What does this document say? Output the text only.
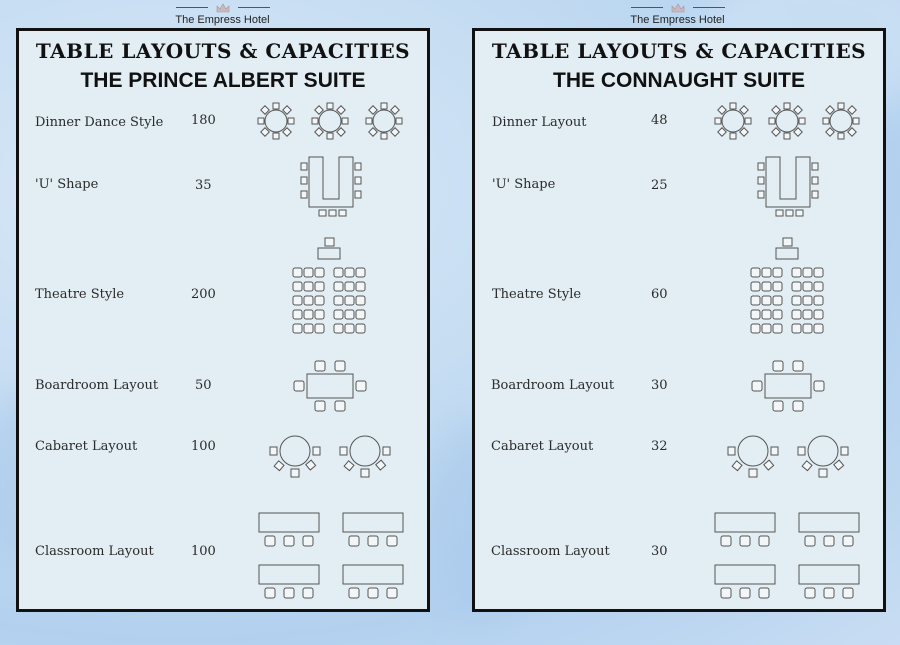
The Empress Hotel
TABLE LAYOUTS & CAPACITIES
THE PRINCE ALBERT SUITE
Dinner Dance Style 180
'U' Shape	35
Theatre Style	200
Boardroom Layout	50
Cabaret Layout	100
Classroom Layout	100
The Empress Hotel
TABLE LAYOUTS & CAPACITIES
THE CONNAUGHT SUITE
Dinner Layout	48
'U' Shape	25
Theatre Style	60
Boardroom Layout	30
Cabaret Layout	32
Classroom Layout	30
